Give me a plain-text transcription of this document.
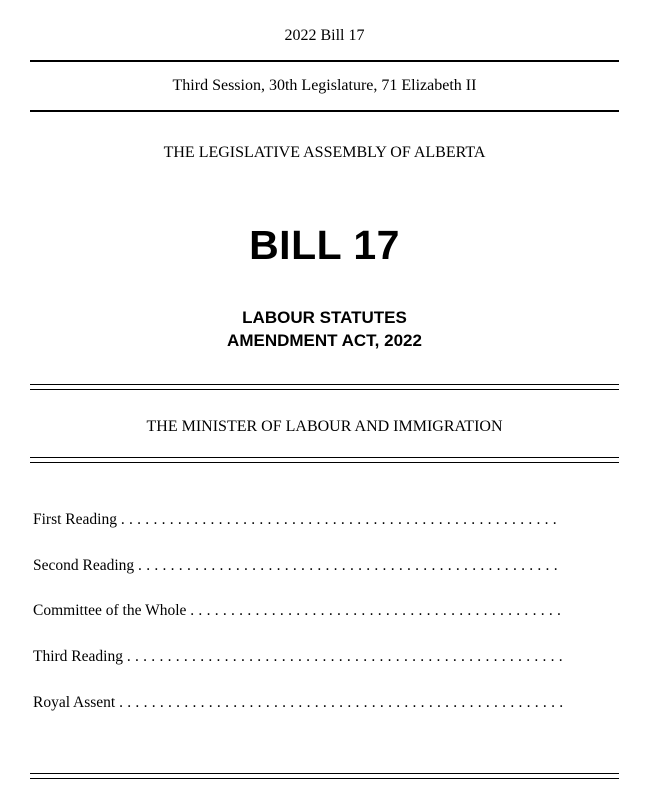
2022 Bill 17
Third Session, 30th Legislature, 71 Elizabeth II
THE LEGISLATIVE ASSEMBLY OF ALBERTA
BILL 17
LABOUR STATUTES
AMENDMENT ACT, 2022
THE MINISTER OF LABOUR AND IMMIGRATION
First Reading . . . . . . . . . . . . . . . . . . . . . . . . . . . . . . . . . . . . . . . . . . . . . . . . . . . . . .
Second Reading . . . . . . . . . . . . . . . . . . . . . . . . . . . . . . . . . . . . . . . . . . . . . . . . . . . .
Committee of the Whole . . . . . . . . . . . . . . . . . . . . . . . . . . . . . . . . . . . . . . . . . . . . . .
Third Reading . . . . . . . . . . . . . . . . . . . . . . . . . . . . . . . . . . . . . . . . . . . . . . . . . . . . . .
Royal Assent . . . . . . . . . . . . . . . . . . . . . . . . . . . . . . . . . . . . . . . . . . . . . . . . . . . . . . .
